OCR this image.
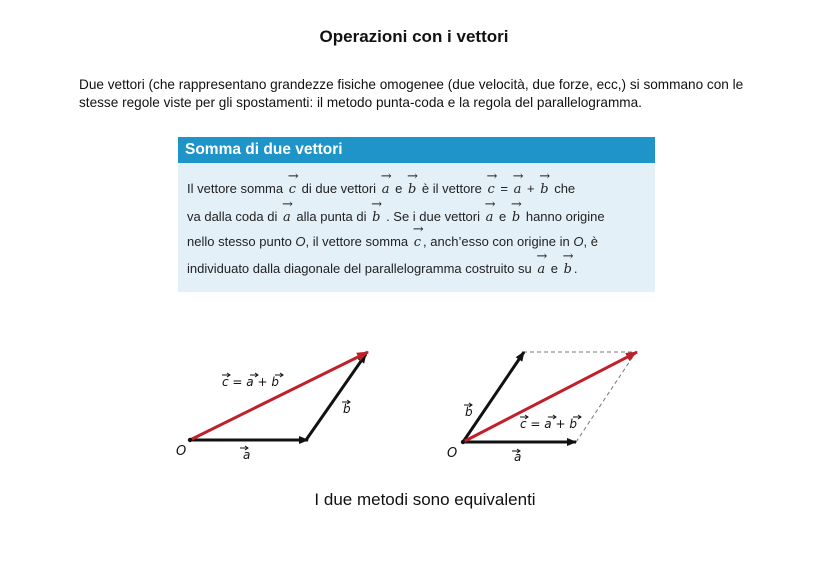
Operazioni con i vettori
Due vettori (che rappresentano grandezze fisiche omogenee (due velocità, due forze, ecc,) si sommano con le stesse regole viste per gli spostamenti: il metodo punta-coda e la regola del parallelogramma.
Somma di due vettori
Il vettore somma → c di due vettori → a e → b è il vettore → c = → a + → b che
va dalla coda di → a alla punta di → b . Se i due vettori → a e → b hanno origine
nello stesso punto O, il vettore somma → c , anch’esso con origine in O, è
individuato dalla diagonale del parallelogramma costruito su → a e → b .
O	a
b
c = a + b
O	a
b
c = a + b
I due metodi sono equivalenti
